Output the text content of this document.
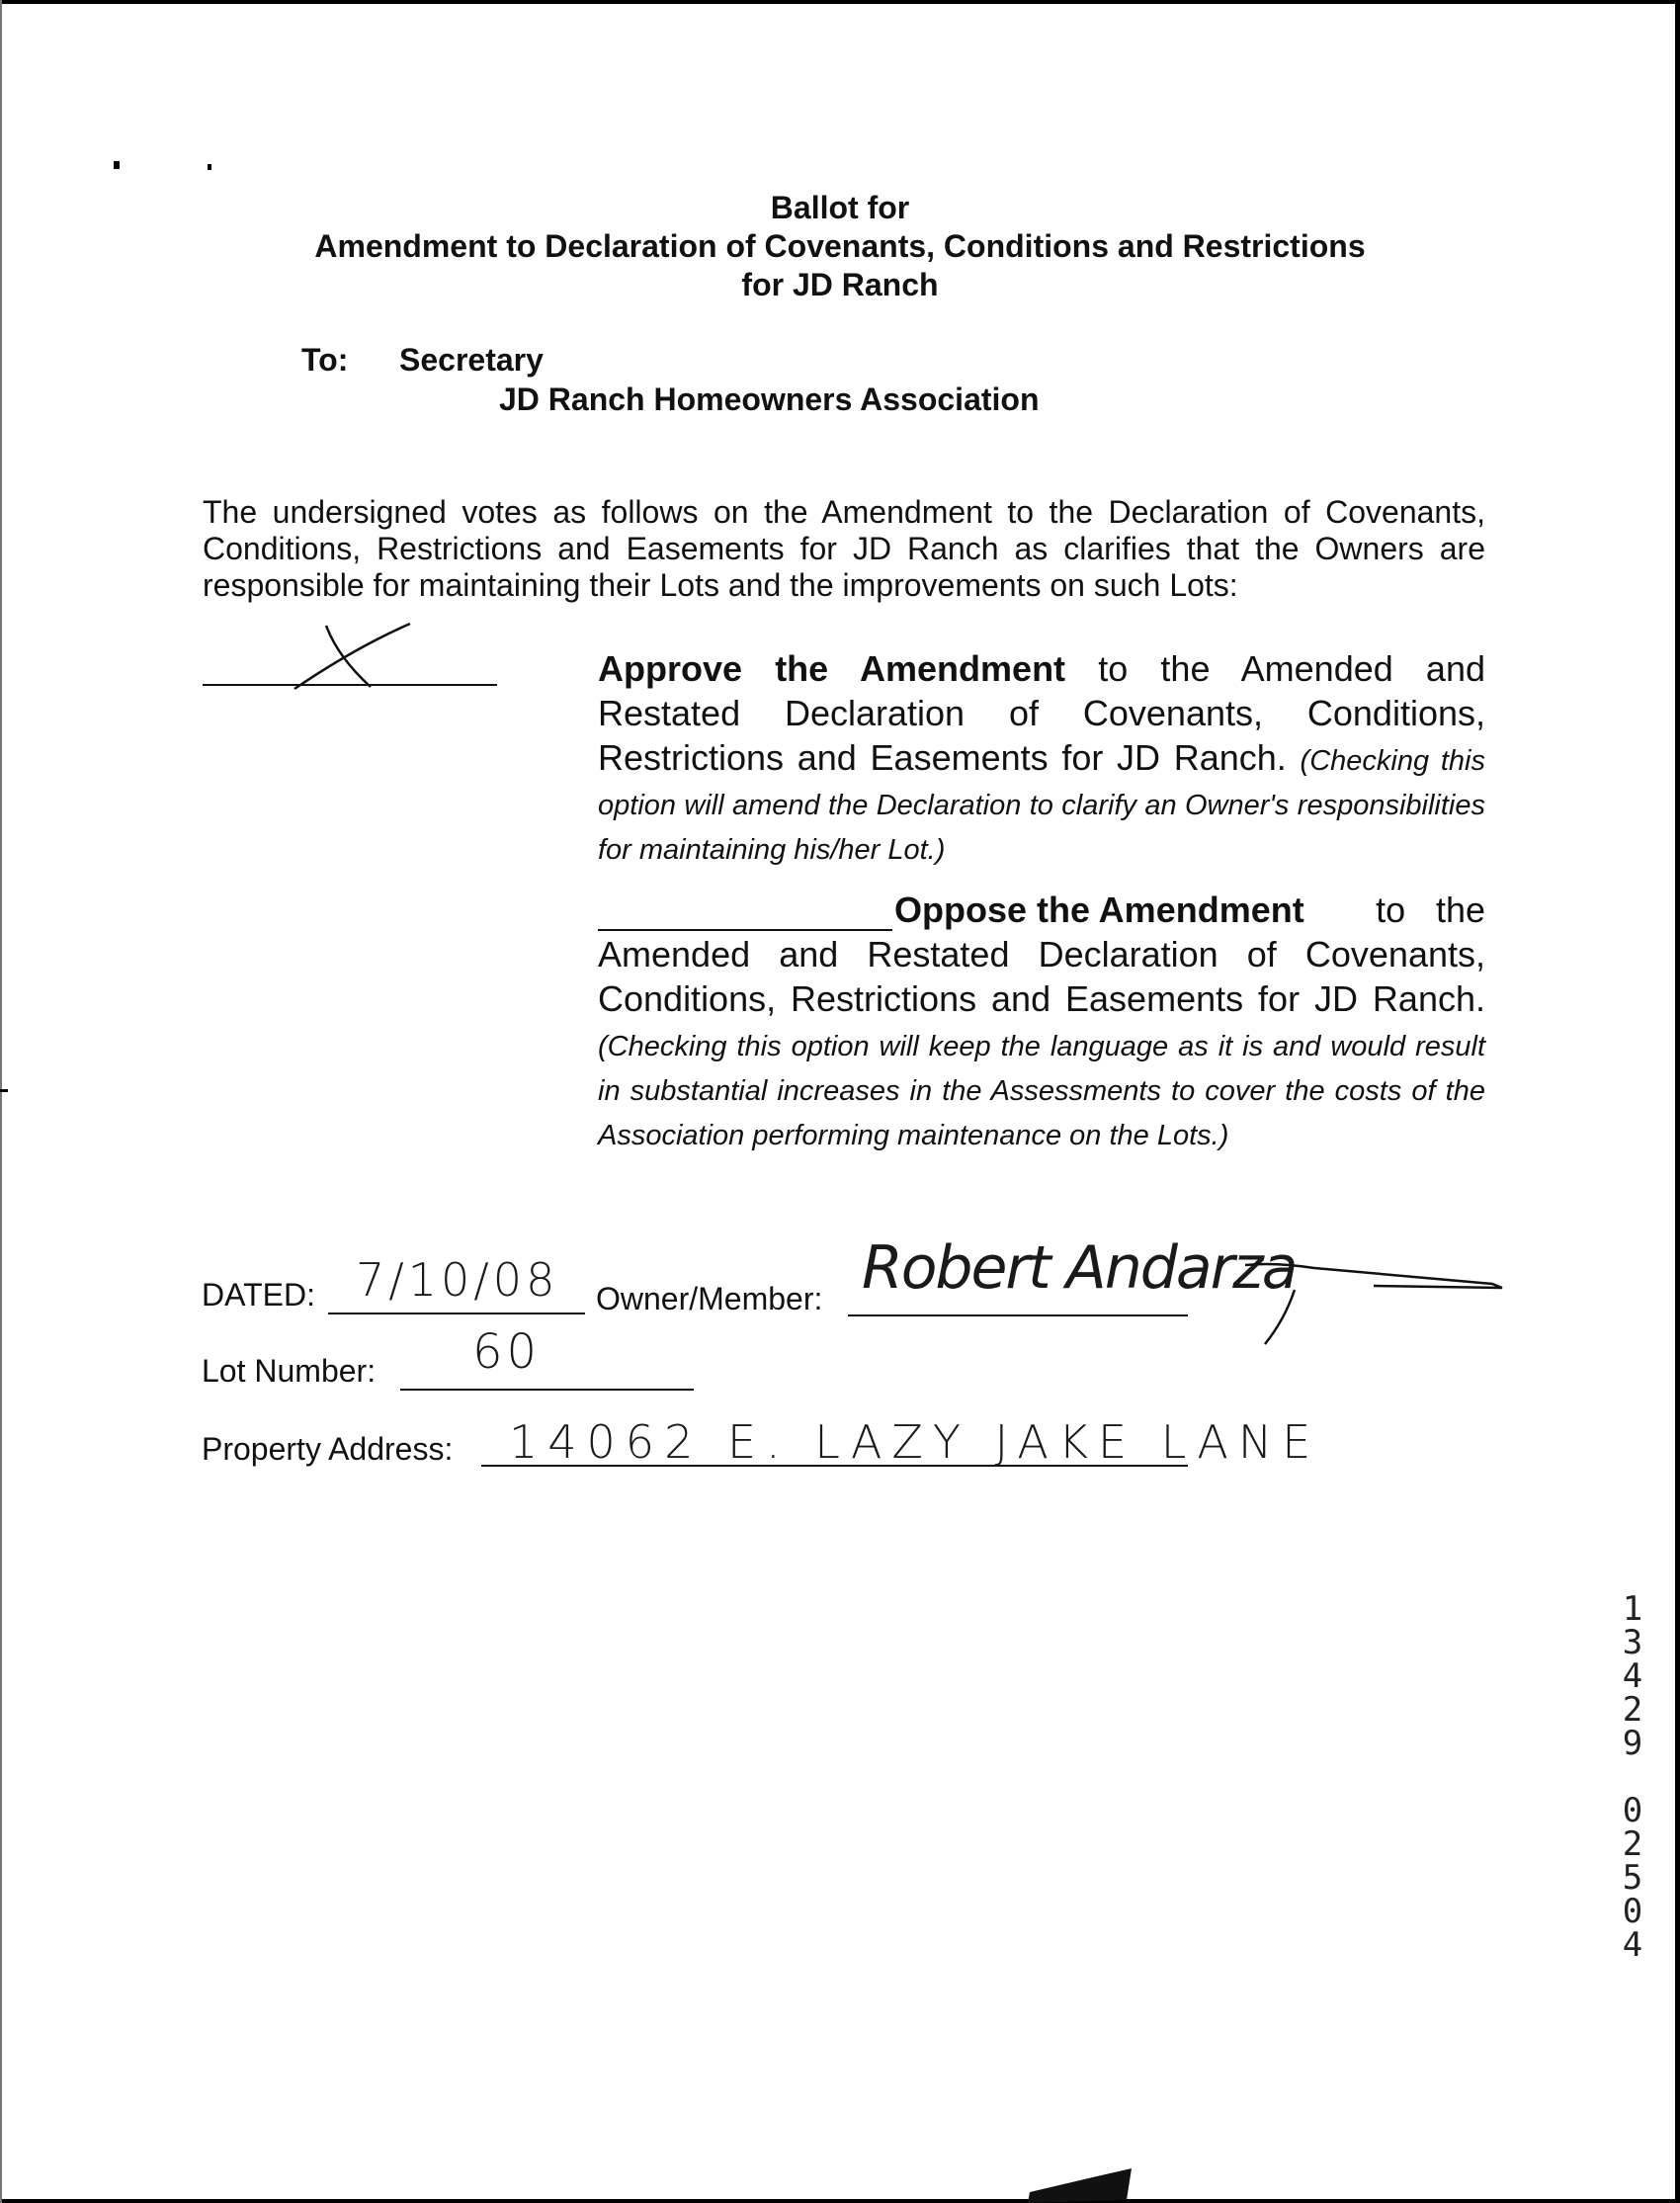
Ballot for
Amendment to Declaration of Covenants, Conditions and Restrictions
for JD Ranch
To: Secretary
JD Ranch Homeowners Association
The undersigned votes as follows on the Amendment to the Declaration of Covenants, Conditions, Restrictions and Easements for JD Ranch as clarifies that the Owners are responsible for maintaining their Lots and the improvements on such Lots:
Approve the Amendment to the Amended and Restated Declaration of Covenants, Conditions, Restrictions and Easements for JD Ranch. (Checking this option will amend the Declaration to clarify an Owner's responsibilities for maintaining his/her Lot.)
Oppose the Amendment	to the Amended and Restated Declaration of Covenants, Conditions, Restrictions and Easements for JD Ranch. (Checking this option will keep the language as it is and would result in substantial increases in the Assessments to cover the costs of the Association performing maintenance on the Lots.)
DATED: 7/10/08 Owner/Member: Robert Andarza
Lot Number: 60
Property Address: 14062 E. LAZY JAKE LANE
13429 02504
